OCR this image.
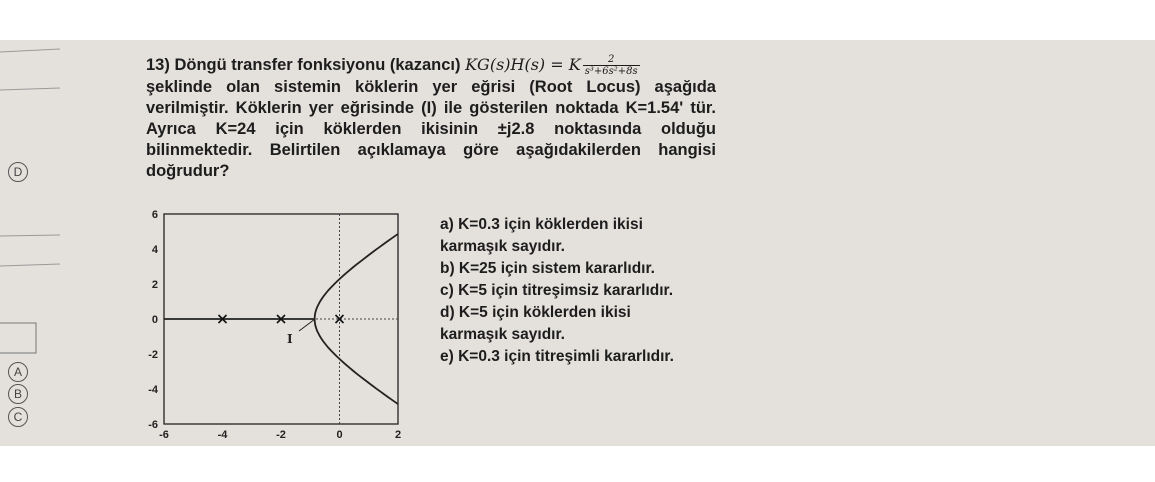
D
A
B
C

13) Döngü transfer fonksiyonu (kazancı) KG(s)H(s) = K $\frac{2}{\text{s³+6s²+8s}}$

şeklinde olan sistemin köklerin yer eğrisi (Root Locus) aşağıda verilmiştir. Köklerin yer eğrisinde (I) ile gösterilen noktada K=1.54' tür. Ayrıca K=24 için köklerden ikisinin ±j2.8 noktasında olduğu bilinmektedir. Belirtilen açıklamaya göre aşağıdakilerden hangisi doğrudur?

-6	-4	-2	0	2
6
4
2
0
-2
-4
-6
I
a) K=0.3 için köklerden ikisi
karmaşık sayıdır.
b) K=25 için sistem kararlıdır.
c) K=5 için titreşimsiz kararlıdır.
d) K=5 için köklerden ikisi
karmaşık sayıdır.
e) K=0.3 için titreşimli kararlıdır.
